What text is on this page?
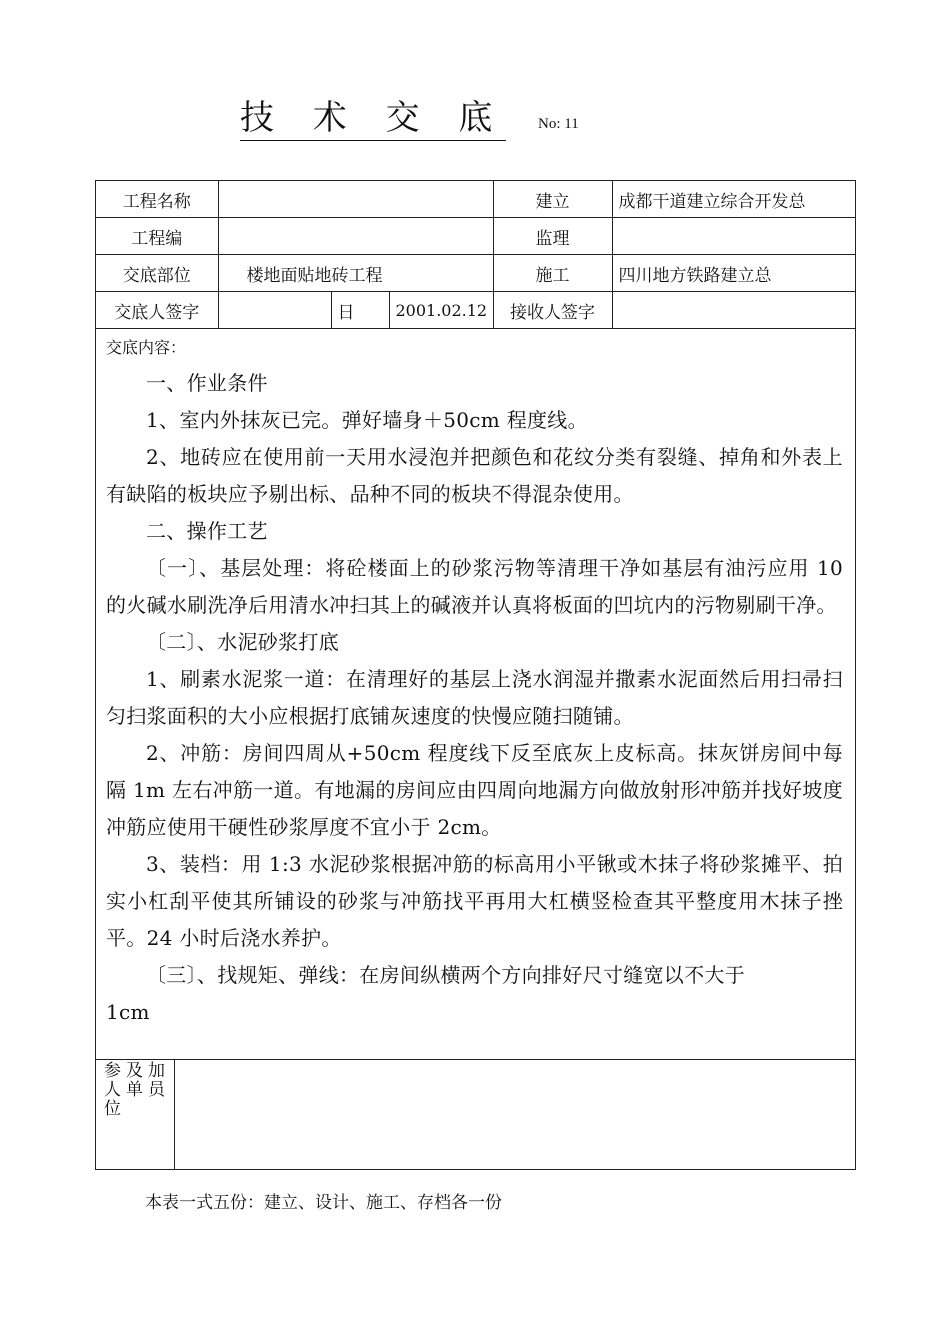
技 术 交 底 No: 11
工程名称				建立	成都干道建立综合开发总
工程编				监理	
交底部位	楼地面贴地砖工程			施工	四川地方铁路建立总
交底人签字		日	2001.02.12	接收人签字	
交底内容：

一、作业条件

1、室内外抹灰已完。弹好墙身＋50cm 程度线。

2、地砖应在使用前一天用水浸泡并把颜色和花纹分类有裂缝、掉角和外表上有缺陷的板块应予剔出标、品种不同的板块不得混杂使用。

二、操作工艺

〔一〕、基层处理：将砼楼面上的砂浆污物等清理干净如基层有油污应用 10 的火碱水刷洗净后用清水冲扫其上的碱液并认真将板面的凹坑内的污物剔刷干净。

〔二〕、水泥砂浆打底

1、刷素水泥浆一道：在清理好的基层上浇水润湿并撒素水泥面然后用扫帚扫匀扫浆面积的大小应根据打底铺灰速度的快慢应随扫随铺。

2、冲筋：房间四周从+50cm 程度线下反至底灰上皮标高。抹灰饼房间中每隔 1m 左右冲筋一道。有地漏的房间应由四周向地漏方向做放射形冲筋并找好坡度冲筋应使用干硬性砂浆厚度不宜小于 2cm。

3、装档：用 1:3 水泥砂浆根据冲筋的标高用小平锹或木抹子将砂浆摊平、拍实小杠刮平使其所铺设的砂浆与冲筋找平再用大杠横竖检查其平整度用木抹子挫平。24 小时后浇水养护。

〔三〕、找规矩、弹线：在房间纵横两个方向排好尺寸缝宽以不大于

1cm

参及加人单员位
本表一式五份：建立、设计、施工、存档各一份
